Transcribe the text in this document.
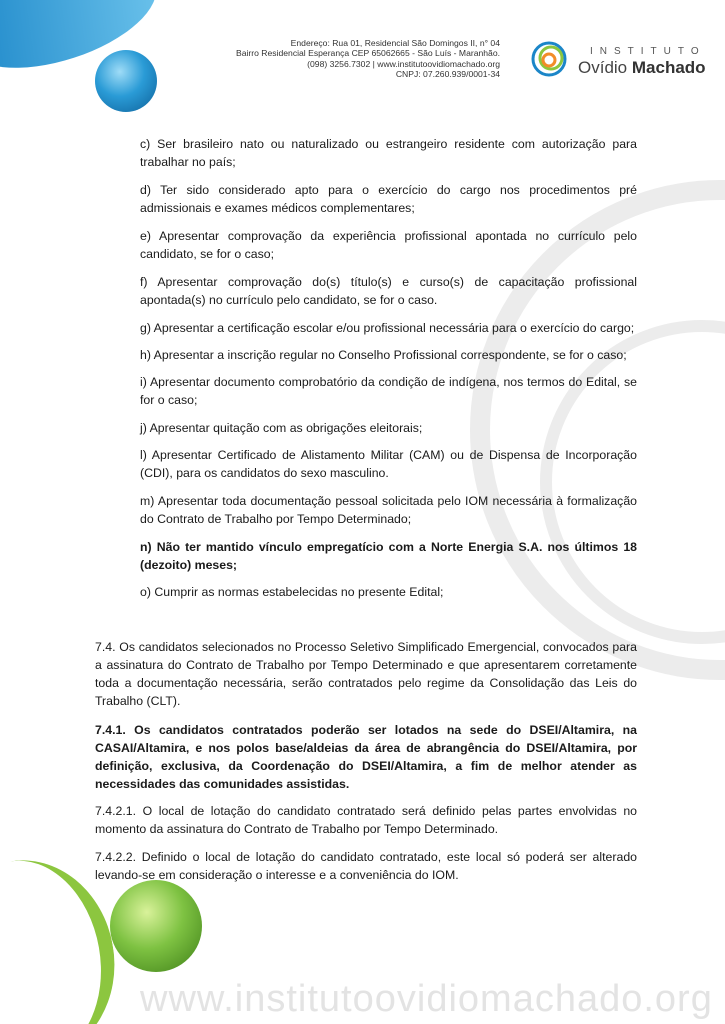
Endereço: Rua 01, Residencial São Domingos II, n° 04
Bairro Residencial Esperança CEP 65062665 - São Luís - Maranhão.
(098) 3256.7302 | www.institutoovidiomachado.org
CNPJ: 07.260.939/0001-34
INSTITUTO
Ovídio Machado
c) Ser brasileiro nato ou naturalizado ou estrangeiro residente com autorização para trabalhar no país;
d) Ter sido considerado apto para o exercício do cargo nos procedimentos pré admissionais e exames médicos complementares;
e) Apresentar comprovação da experiência profissional apontada no currículo pelo candidato, se for o caso;
f) Apresentar comprovação do(s) título(s) e curso(s) de capacitação profissional apontada(s) no currículo pelo candidato, se for o caso.
g) Apresentar a certificação escolar e/ou profissional necessária para o exercício do cargo;
h) Apresentar a inscrição regular no Conselho Profissional correspondente, se for o caso;
i) Apresentar documento comprobatório da condição de indígena, nos termos do Edital, se for o caso;
j) Apresentar quitação com as obrigações eleitorais;
l) Apresentar Certificado de Alistamento Militar (CAM) ou de Dispensa de Incorporação (CDI), para os candidatos do sexo masculino.
m) Apresentar toda documentação pessoal solicitada pelo IOM necessária à formalização do Contrato de Trabalho por Tempo Determinado;
n) Não ter mantido vínculo empregatício com a Norte Energia S.A. nos últimos 18 (dezoito) meses;
o) Cumprir as normas estabelecidas no presente Edital;
7.4. Os candidatos selecionados no Processo Seletivo Simplificado Emergencial, convocados para a assinatura do Contrato de Trabalho por Tempo Determinado e que apresentarem corretamente toda a documentação necessária, serão contratados pelo regime da Consolidação das Leis do Trabalho (CLT).
7.4.1. Os candidatos contratados poderão ser lotados na sede do DSEI/Altamira, na CASAI/Altamira, e nos polos base/aldeias da área de abrangência do DSEI/Altamira, por definição, exclusiva, da Coordenação do DSEI/Altamira, a fim de melhor atender as necessidades das comunidades assistidas.
7.4.2.1. O local de lotação do candidato contratado será definido pelas partes envolvidas no momento da assinatura do Contrato de Trabalho por Tempo Determinado.
7.4.2.2. Definido o local de lotação do candidato contratado, este local só poderá ser alterado levando-se em consideração o interesse e a conveniência do IOM.
www.institutoovidiomachado.org
